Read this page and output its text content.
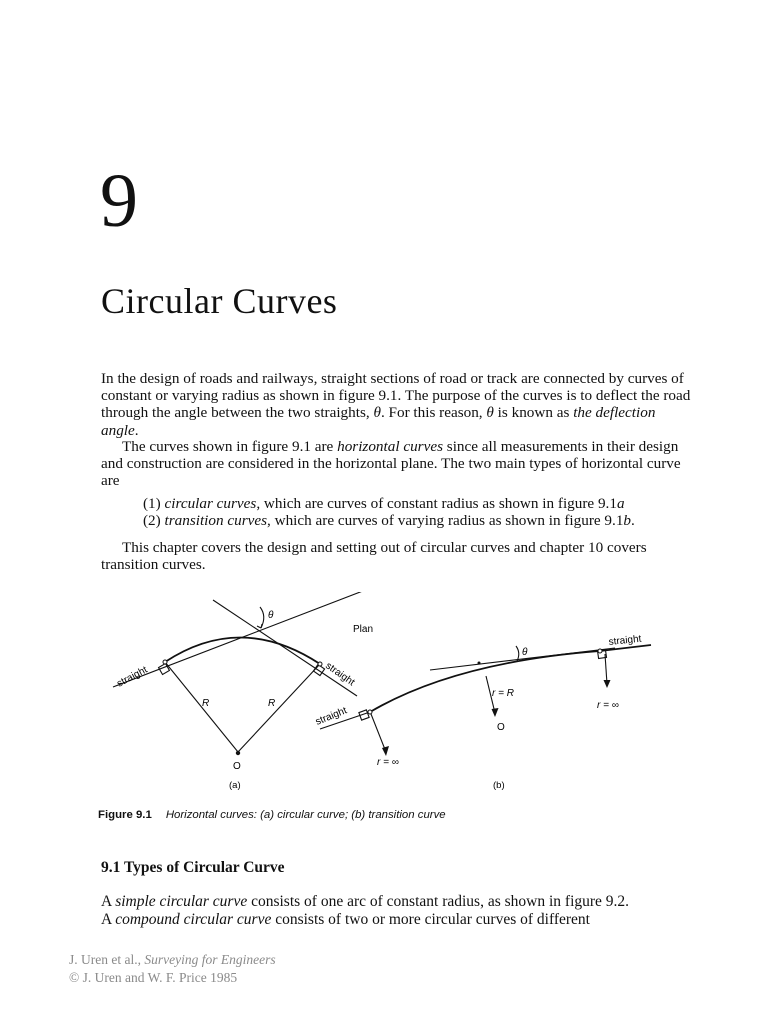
9
Circular Curves

In the design of roads and railways, straight sections of road or track are connected by curves of constant or varying radius as shown in figure 9.1. The purpose of the curves is to deflect the road through the angle between the two straights, θ. For this reason, θ is known as the deflection angle.

The curves shown in figure 9.1 are horizontal curves since all measurements in their design and construction are considered in the horizontal plane. The two main types of horizontal curve are

(1) circular curves, which are curves of constant radius as shown in figure 9.1a

(2) transition curves, which are curves of varying radius as shown in figure 9.1b.

This chapter covers the design and setting out of circular curves and chapter 10 covers transition curves.

θ
straight	straight
R	R
O
(a)
Plan
θ
straight
straight
r = R
O
r = ∞
r = ∞
(b)
Figure 9.1 Horizontal curves: (a) circular curve; (b) transition curve
9.1 Types of Circular Curve

A simple circular curve consists of one arc of constant radius, as shown in figure 9.2.
A compound circular curve consists of two or more circular curves of different

J. Uren et al., Surveying for Engineers
© J. Uren and W. F. Price 1985
